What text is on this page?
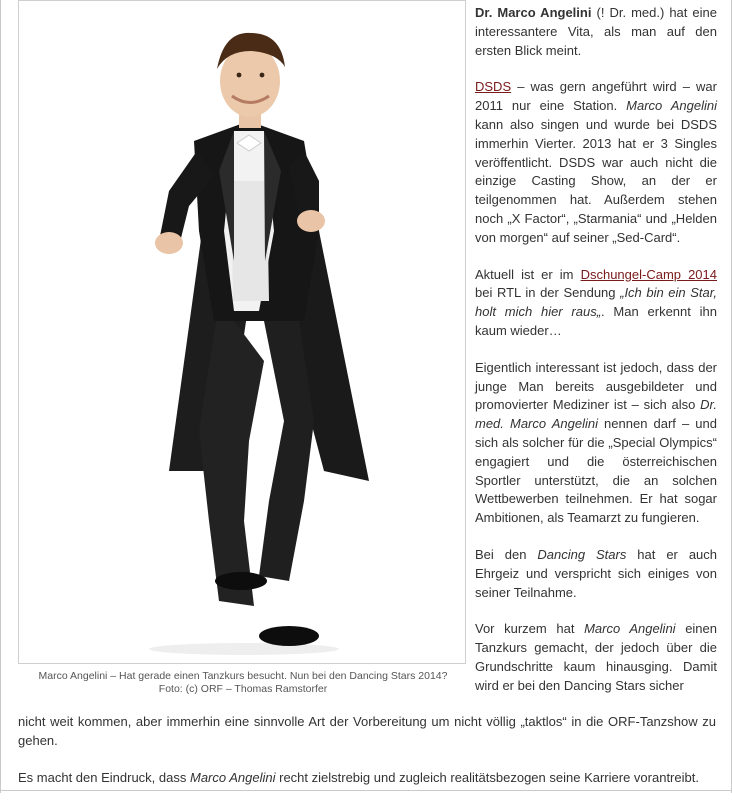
Marco Angelini – Hat gerade einen Tanzkurs besucht. Nun bei den Dancing Stars 2014?
Foto: (c) ORF – Thomas Ramstorfer

Dr. Marco Angelini (! Dr. med.) hat eine interessantere Vita, als man auf den ersten Blick meint.

DSDS – was gern angeführt wird – war 2011 nur eine Station. Marco Angelini kann also singen und wurde bei DSDS immerhin Vierter. 2013 hat er 3 Singles veröffentlicht. DSDS war auch nicht die einzige Casting Show, an der er teilgenommen hat. Außerdem stehen noch „X Factor“, „Starmania“ und „Helden von morgen“ auf seiner „Sed-Card“.

Aktuell ist er im Dschungel-Camp 2014 bei RTL in der Sendung „Ich bin ein Star, holt mich hier raus„. Man erkennt ihn kaum wieder…

Eigentlich interessant ist jedoch, dass der junge Man bereits ausgebildeter und promovierter Mediziner ist – sich also Dr. med. Marco Angelini nennen darf – und sich als solcher für die „Special Olympics“ engagiert und die österreichischen Sportler unterstützt, die an solchen Wettbewerben teilnehmen. Er hat sogar Ambitionen, als Teamarzt zu fungieren.

Bei den Dancing Stars hat er auch Ehrgeiz und verspricht sich einiges von seiner Teilnahme.

Vor kurzem hat Marco Angelini einen Tanzkurs gemacht, der jedoch über die Grundschritte kaum hinausging. Damit wird er bei den Dancing Stars sicher

nicht weit kommen, aber immerhin eine sinnvolle Art der Vorbereitung um nicht völlig „taktlos“ in die ORF-Tanzshow zu gehen.

Es macht den Eindruck, dass Marco Angelini recht zielstrebig und zugleich realitätsbezogen seine Karriere vorantreibt.
